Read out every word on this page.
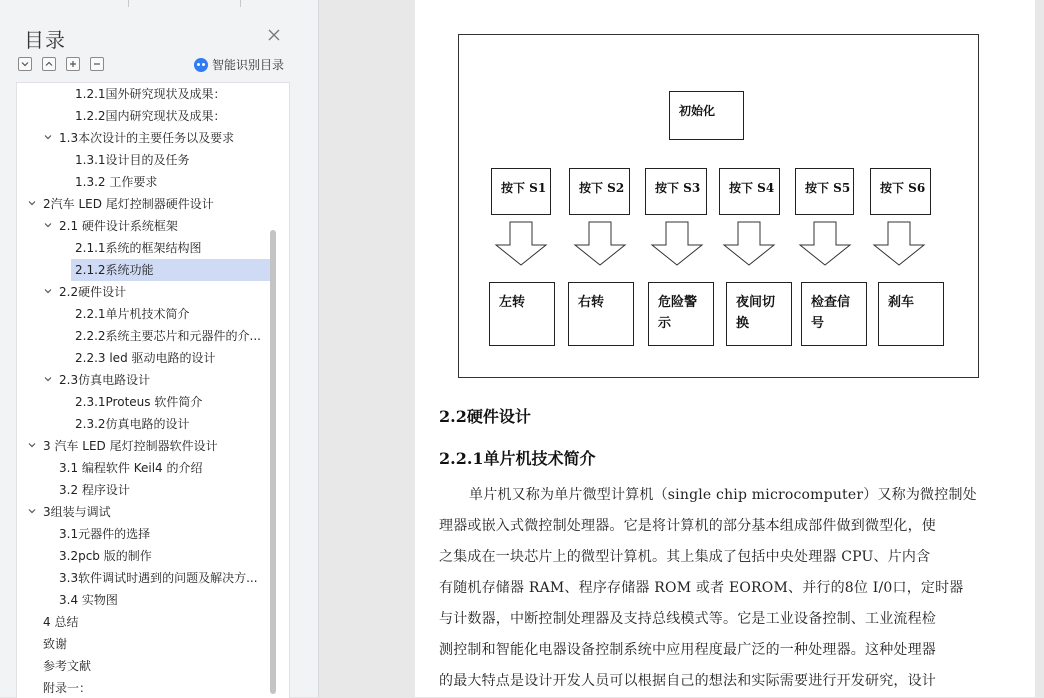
目录
智能识别目录
1.2.1国外研究现状及成果：
1.2.2国内研究现状及成果：
1.3本次设计的主要任务以及要求
1.3.1设计目的及任务
1.3.2 工作要求
2汽车 LED 尾灯控制器硬件设计
2.1 硬件设计系统框架
2.1.1系统的框架结构图
2.1.2系统功能
2.2硬件设计
2.2.1单片机技术简介
2.2.2系统主要芯片和元器件的介...
2.2.3 led 驱动电路的设计
2.3仿真电路设计
2.3.1Proteus 软件简介
2.3.2仿真电路的设计
3 汽车 LED 尾灯控制器软件设计
3.1 编程软件 Keil4 的介绍
3.2 程序设计
3组装与调试
3.1元器件的选择
3.2pcb 版的制作
3.3软件调试时遇到的问题及解决方...
3.4 实物图
4 总结
致谢
参考文献
附录一：
初始化
按下 S1	按下 S2	按下 S3 按下 S4	按下 S5 按下 S6
左转	右转	危险警
示
夜间切
换
检查信
号
刹车
2.2硬件设计
2.2.1单片机技术简介
单片机又称为单片微型计算机（single chip microcomputer）又称为微控制处
理器或嵌入式微控制处理器。它是将计算机的部分基本组成部件做到微型化，使
之集成在一块芯片上的微型计算机。其上集成了包括中央处理器 CPU、片内含
有随机存储器 RAM、程序存储器 ROM 或者 EOROM、并行的8位 I/0口，定时器
与计数器，中断控制处理器及支持总线模式等。它是工业设备控制、工业流程检
测控制和智能化电器设备控制系统中应用程度最广泛的一种处理器。这种处理器
的最大特点是设计开发人员可以根据自己的想法和实际需要进行开发研究，设计
